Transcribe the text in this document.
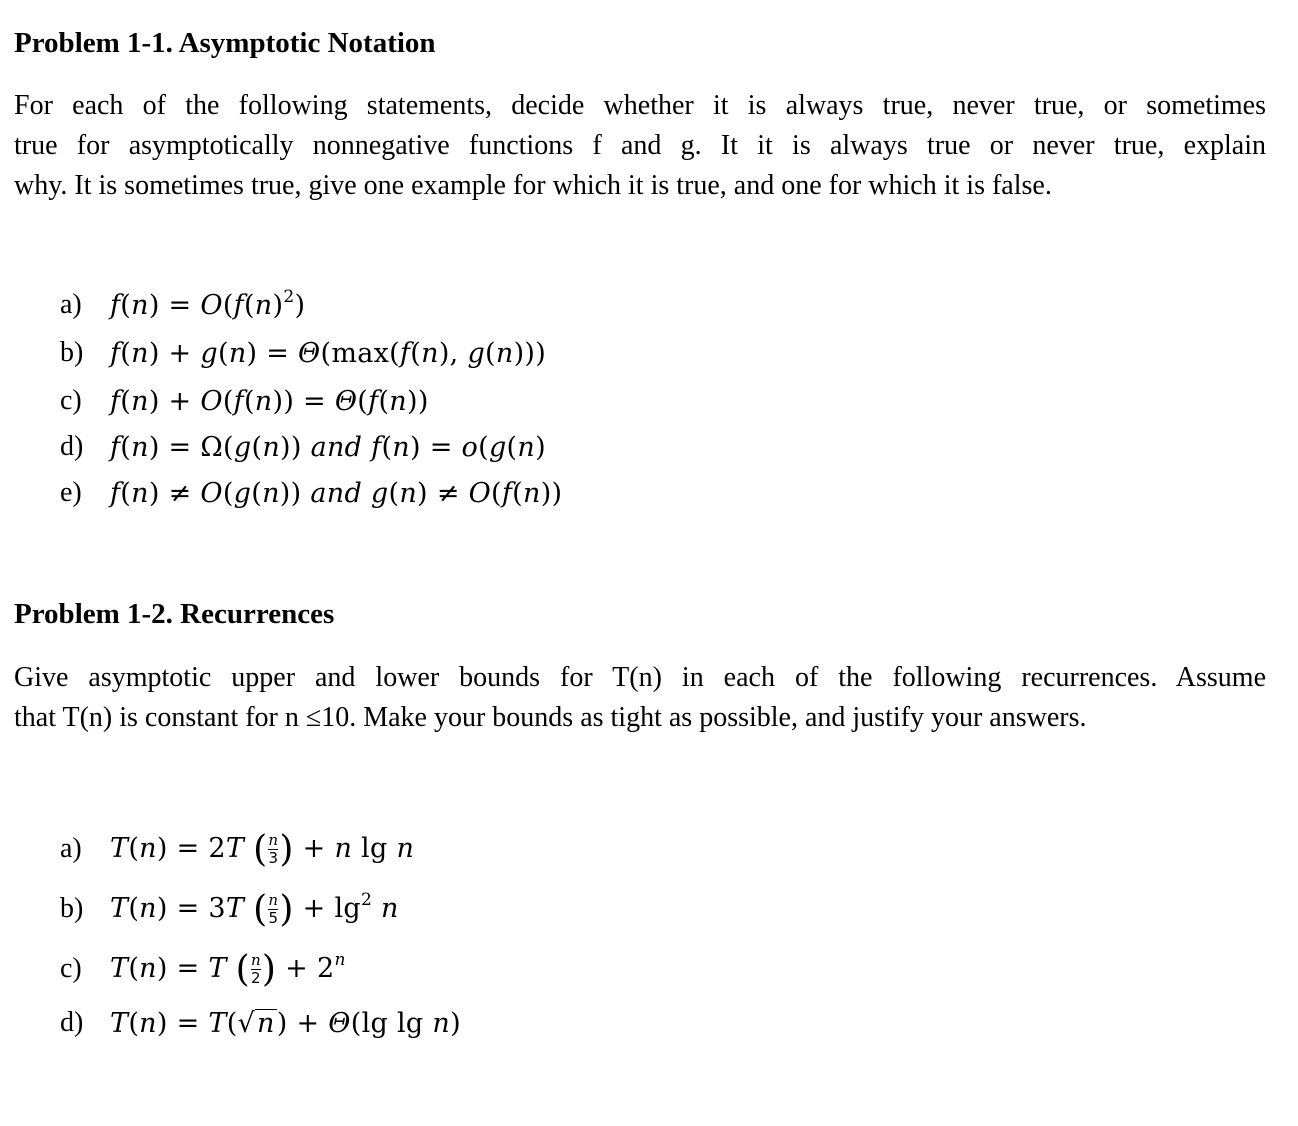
Problem 1-1. Asymptotic Notation
For each of the following statements, decide whether it is always true, never true, or sometimes
true for asymptotically nonnegative functions f and g. It it is always true or never true, explain
why. It is sometimes true, give one example for which it is true, and one for which it is false.
a)	$f(n) = O(f(n)^2)$
b) f(n) + g(n) = Θ(max(f(n), g(n)))
c)	f(n) + O(f(n)) = Θ(f(n))
d) f(n) = Ω(g(n)) and f(n) = o(g(n)
e)	f(n) ≠ O(g(n)) and g(n) ≠ O(f(n))
Problem 1-2. Recurrences
Give asymptotic upper and lower bounds for T(n) in each of the following recurrences. Assume
that T(n) is constant for n ≤10. Make your bounds as tight as possible, and justify your answers.
a)	T(n) = 2T ( $\frac{n}{3}$ ) + n lg n
b) T(n) = 3T ( $\frac{n}{5}$ ) + $\lg^2 n$
c)	T(n) = T ( $\frac{n}{2}$ ) + $2^n$
d) T(n) = T(√n) + Θ(lg lg n)
